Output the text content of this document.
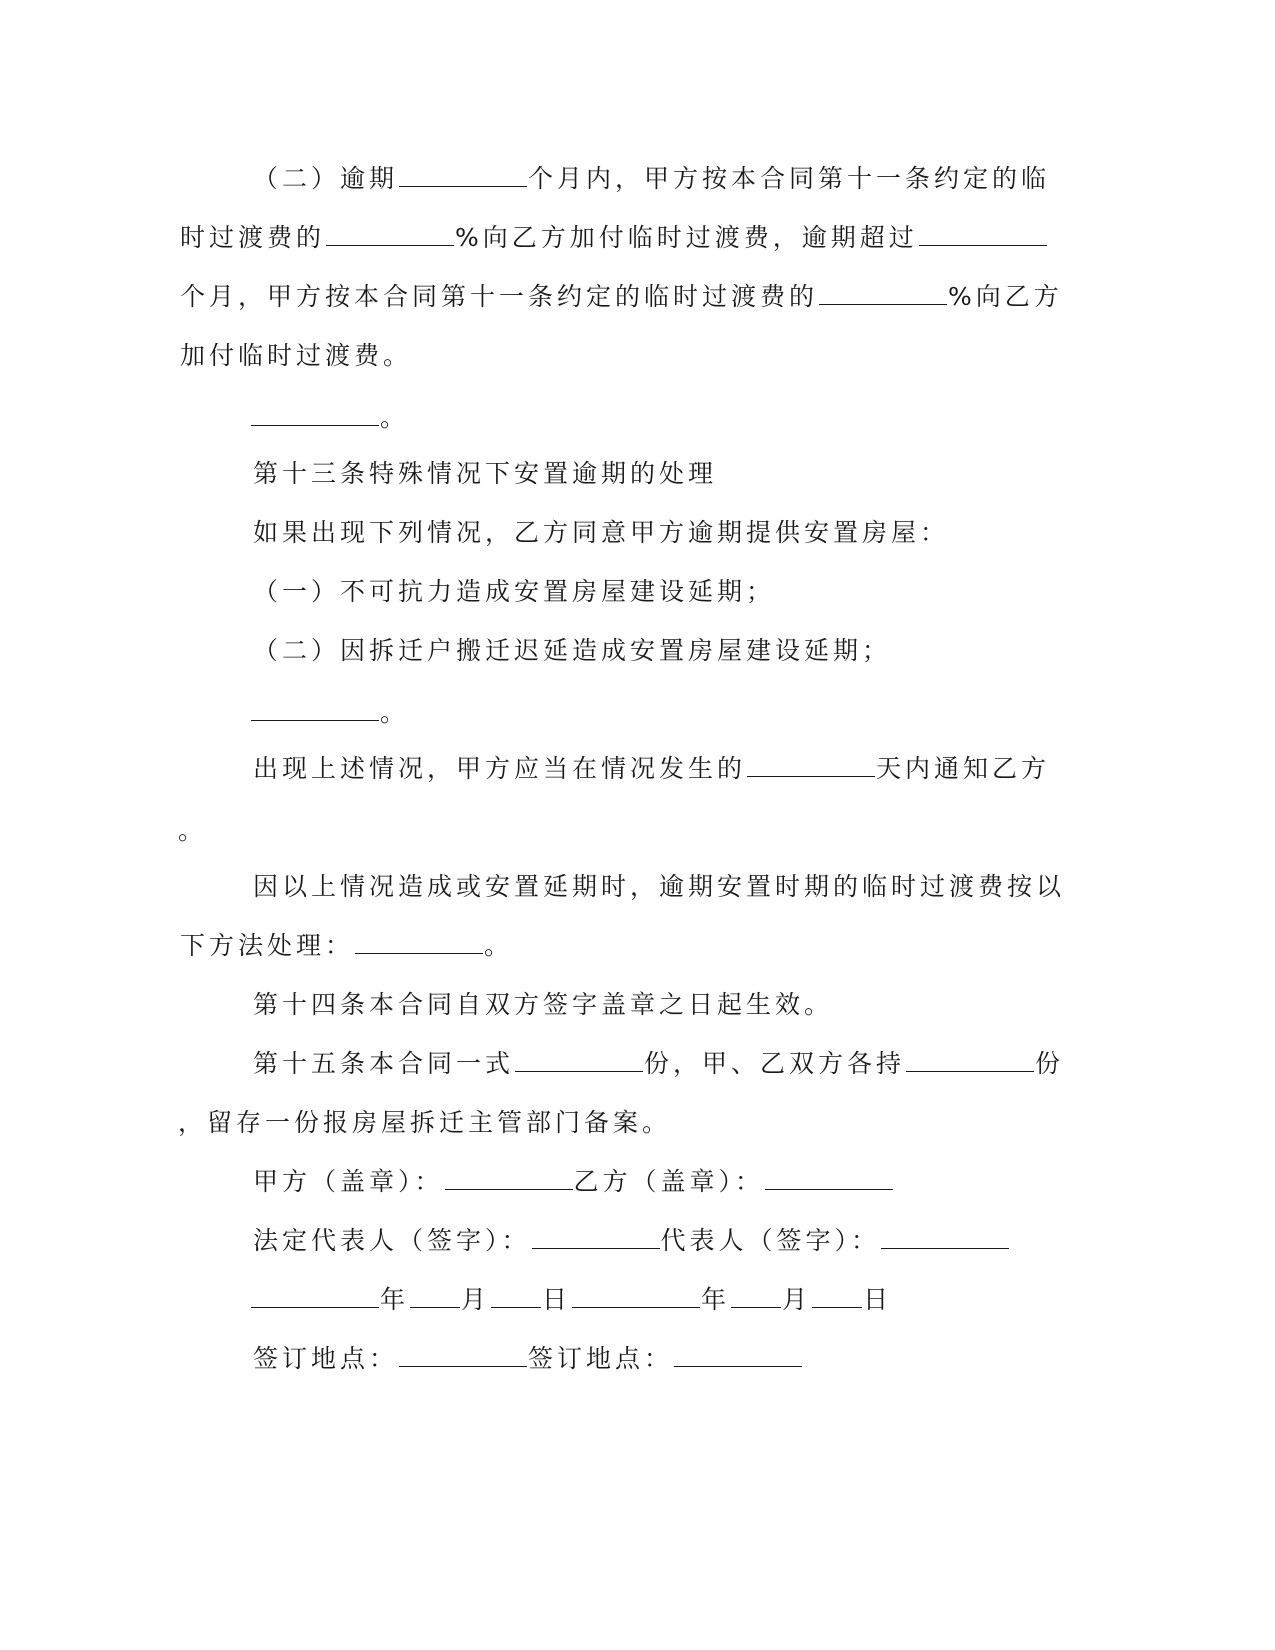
（二）逾期	个月内，甲方按本合同第十一条约定的临
时过渡费的	%向乙方加付临时过渡费，逾期超过
个月，甲方按本合同第十一条约定的临时过渡费的	%向乙方
加付临时过渡费。
。
第十三条特殊情况下安置逾期的处理
如果出现下列情况，乙方同意甲方逾期提供安置房屋：
（一）不可抗力造成安置房屋建设延期；
（二）因拆迁户搬迁迟延造成安置房屋建设延期；
。
出现上述情况，甲方应当在情况发生的	天内通知乙方
。
因以上情况造成或安置延期时，逾期安置时期的临时过渡费按以
下方法处理：	。
第十四条本合同自双方签字盖章之日起生效。
第十五条本合同一式	份，甲、乙双方各持	份
，留存一份报房屋拆迁主管部门备案。
甲方（盖章）：	乙方（盖章）：
法定代表人（签字）：	代表人（签字）：
年 月 日	年 月 日
签订地点：	签订地点：
